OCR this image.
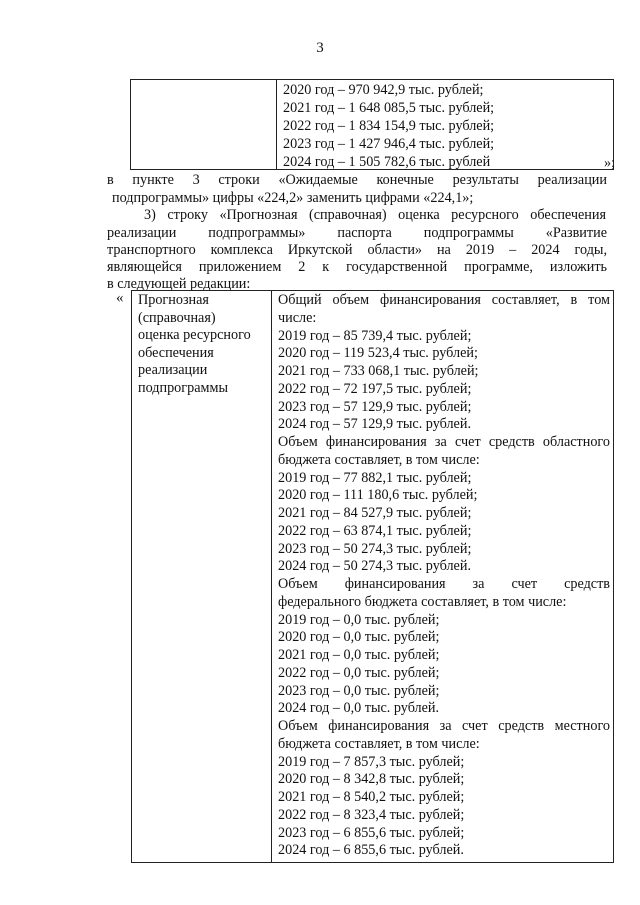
3
2020 год – 970 942,9 тыс. рублей;
2021 год – 1 648 085,5 тыс. рублей;
2022 год – 1 834 154,9 тыс. рублей;
2023 год – 1 427 946,4 тыс. рублей;
2024 год – 1 505 782,6 тыс. рублей	»;
в пункте 3 строки «Ожидаемые конечные результаты реализации
подпрограммы» цифры «224,2» заменить цифрами «224,1»;
3) строку «Прогнозная (справочная) оценка ресурсного обеспечения
реализации подпрограммы» паспорта подпрограммы «Развитие
транспортного комплекса Иркутской области» на 2019 – 2024 годы,
являющейся приложением 2 к государственной программе, изложить
в следующей редакции:
« Прогнозная
(справочная)
оценка ресурсного
обеспечения
реализации
подпрограммы
Общий объем финансирования составляет, в том
числе:
2019 год – 85 739,4 тыс. рублей;
2020 год – 119 523,4 тыс. рублей;
2021 год – 733 068,1 тыс. рублей;
2022 год – 72 197,5 тыс. рублей;
2023 год – 57 129,9 тыс. рублей;
2024 год – 57 129,9 тыс. рублей.
Объем финансирования за счет средств областного
бюджета составляет, в том числе:
2019 год – 77 882,1 тыс. рублей;
2020 год – 111 180,6 тыс. рублей;
2021 год – 84 527,9 тыс. рублей;
2022 год – 63 874,1 тыс. рублей;
2023 год – 50 274,3 тыс. рублей;
2024 год – 50 274,3 тыс. рублей.
Объем финансирования за счет средств
федерального бюджета составляет, в том числе:
2019 год – 0,0 тыс. рублей;
2020 год – 0,0 тыс. рублей;
2021 год – 0,0 тыс. рублей;
2022 год – 0,0 тыс. рублей;
2023 год – 0,0 тыс. рублей;
2024 год – 0,0 тыс. рублей.
Объем финансирования за счет средств местного
бюджета составляет, в том числе:
2019 год – 7 857,3 тыс. рублей;
2020 год – 8 342,8 тыс. рублей;
2021 год – 8 540,2 тыс. рублей;
2022 год – 8 323,4 тыс. рублей;
2023 год – 6 855,6 тыс. рублей;
2024 год – 6 855,6 тыс. рублей.
